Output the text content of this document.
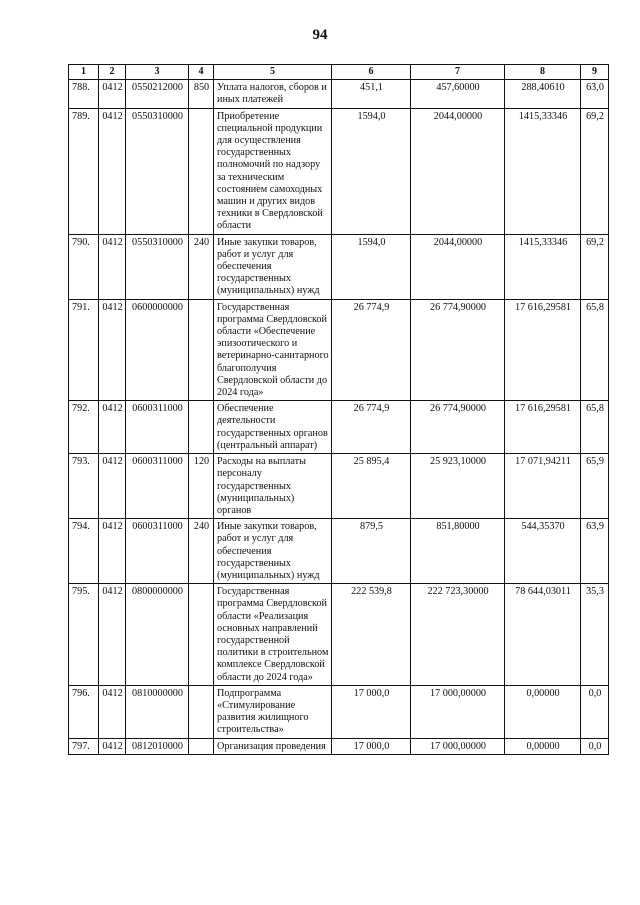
94
1	2	3	4	5	6	7	8	9
788.	0412	0550212000	850	Уплата налогов, сборов и иных платежей	451,1	457,60000	288,40610	63,0
789.	0412	0550310000		Приобретение специальной продукции для осуществления государственных полномочий по надзору за техническим состоянием самоходных машин и других видов техники в Свердловской области	1594,0	2044,00000	1415,33346	69,2
790.	0412	0550310000	240	Иные закупки товаров, работ и услуг для обеспечения государственных (муниципальных) нужд	1594,0	2044,00000	1415,33346	69,2
791.	0412	0600000000		Государственная программа Свердловской области «Обеспечение эпизоотического и ветеринарно-санитарного благополучия Свердловской области до 2024 года»	26 774,9	26 774,90000	17 616,29581	65,8
792.	0412	0600311000		Обеспечение деятельности государственных органов (центральный аппарат)	26 774,9	26 774,90000	17 616,29581	65,8
793.	0412	0600311000	120	Расходы на выплаты персоналу государственных (муниципальных) органов	25 895,4	25 923,10000	17 071,94211	65,9
794.	0412	0600311000	240	Иные закупки товаров, работ и услуг для обеспечения государственных (муниципальных) нужд	879,5	851,80000	544,35370	63,9
795.	0412	0800000000		Государственная программа Свердловской области «Реализация основных направлений государственной политики в строительном комплексе Свердловской области до 2024 года»	222 539,8	222 723,30000	78 644,03011	35,3
796.	0412	0810000000		Подпрограмма «Стимулирование развития жилищного строительства»	17 000,0	17 000,00000	0,00000	0,0
797.	0412	0812010000		Организация проведения	17 000,0	17 000,00000	0,00000	0,0
